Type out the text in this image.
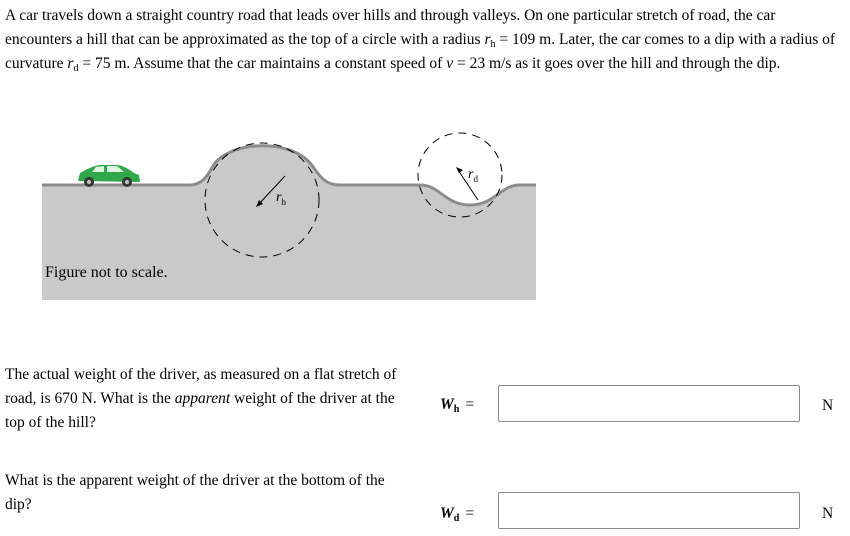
A car travels down a straight country road that leads over hills and through valleys. On one particular stretch of road, the car encounters a hill that can be approximated as the top of a circle with a radius $r_h = 109$ m. Later, the car comes to a dip with a radius of curvature $r_d = 75$ m. Assume that the car maintains a constant speed of v = 23 m/s as it goes over the hill and through the dip.
$r_h$
$r_d$
Figure not to scale.
The actual weight of the driver, as measured on a flat stretch of road, is 670 N. What is the apparent weight of the driver at the top of the hill?
$W_h$ =	N
What is the apparent weight of the driver at the bottom of the dip?
$W_d$ =	N
